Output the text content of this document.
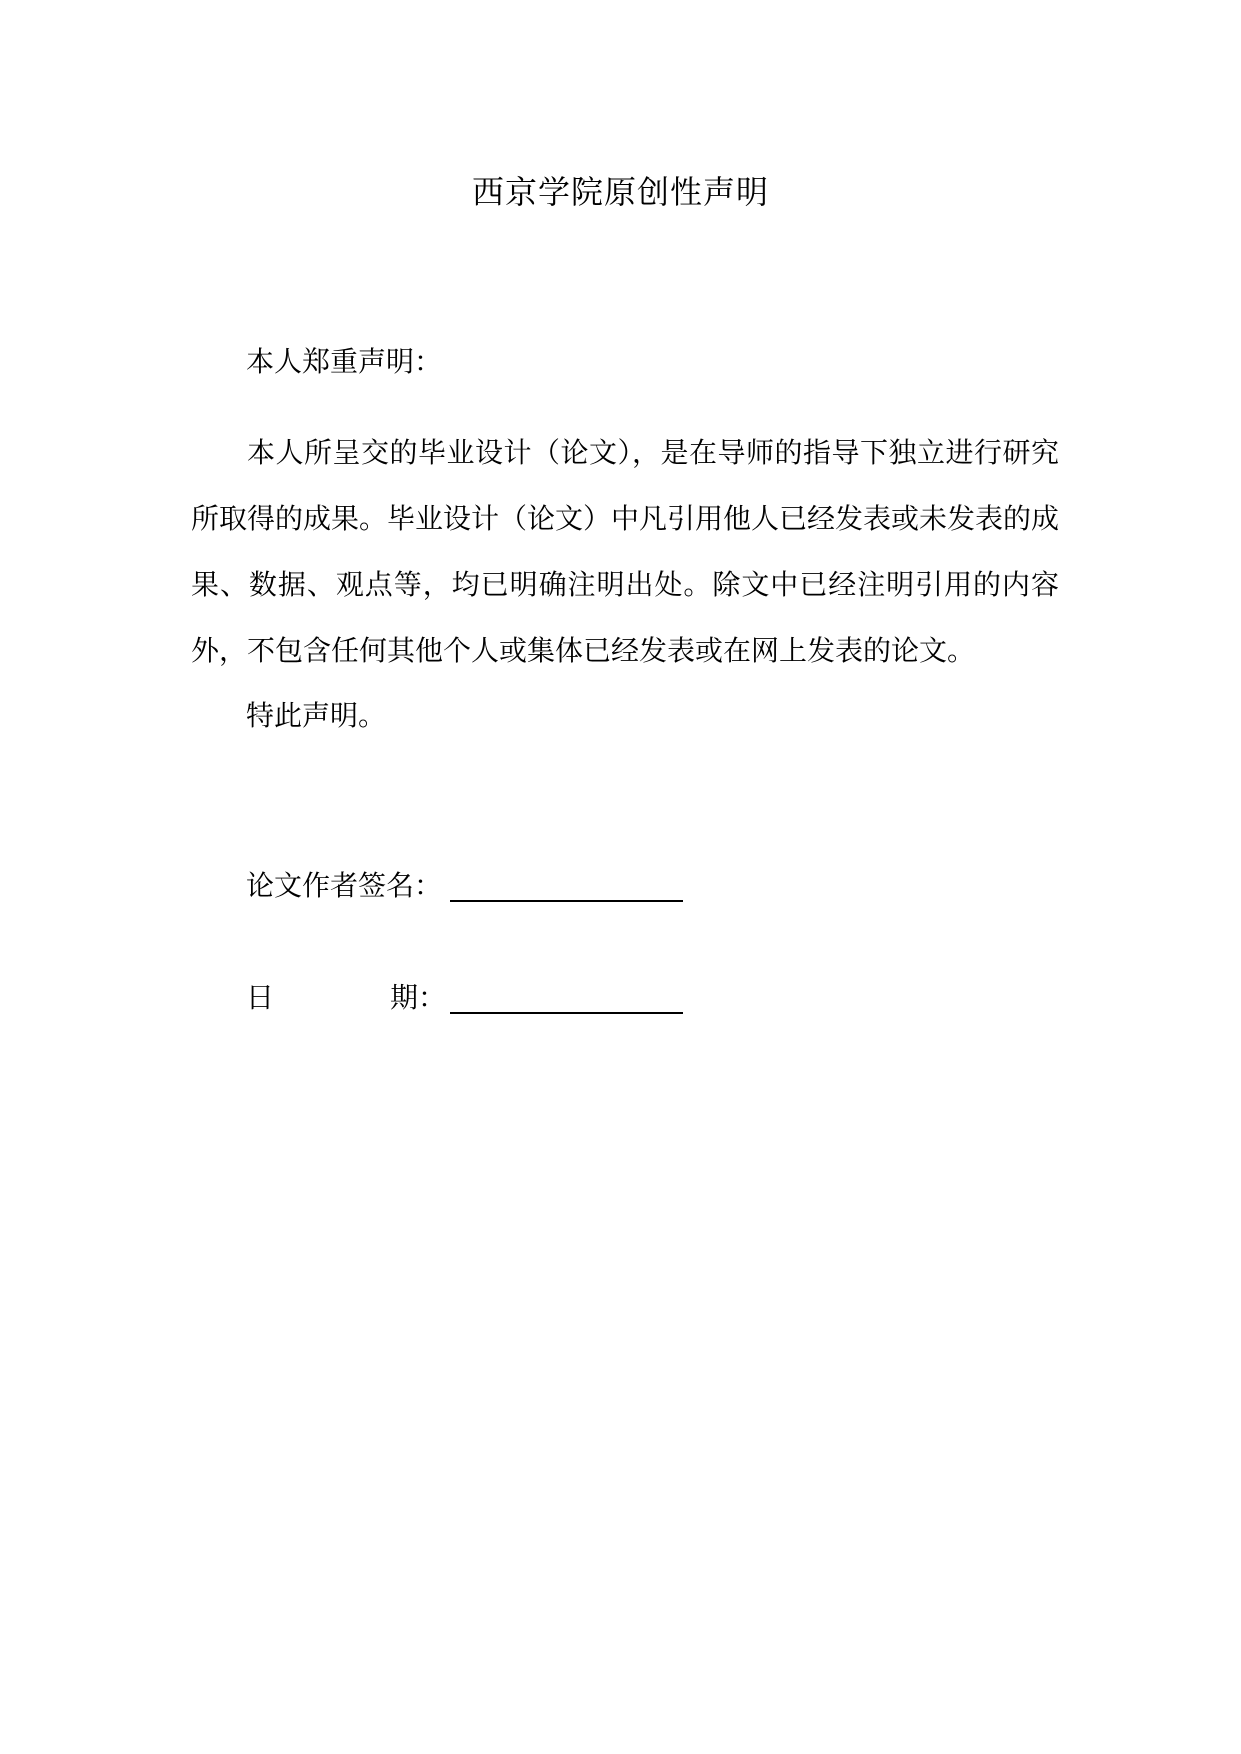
西京学院原创性声明
本人郑重声明：

本人所呈交的毕业设计（论文），是在导师的指导下独立进行研究所取得的成果。毕业设计（论文）中凡引用他人已经发表或未发表的成果、数据、观点等，均已明确注明出处。除文中已经注明引用的内容外，不包含任何其他个人或集体已经发表或在网上发表的论文。

特此声明。
论文作者签名：
日	期：
